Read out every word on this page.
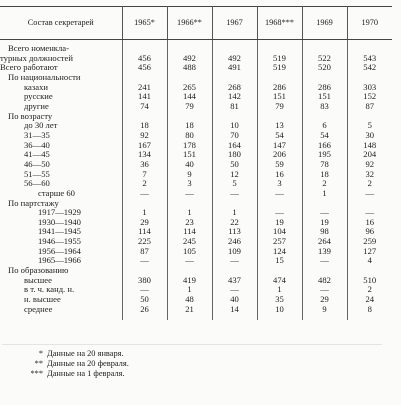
Состав секретарей	1965*	1966**	1967	1968***	1969	1970

Всего номенкла-						
турных должностей	456	492	492	519	522	543
Всего работают	456	488	491	519	520	542
По национальности						
казахи	241	265	268	286	286	303
русские	141	144	142	151	151	152
другие	74	79	81	79	83	87
По возрасту						
до 30 лет	18	18	10	13	6	5
31—35	92	80	70	54	54	30
36—40	167	178	164	147	166	148
41—45	134	151	180	206	195	204
46—50	36	40	50	59	78	92
51—55	7	9	12	16	18	32
56—60	2	3	5	3	2	2
старше 60	—	—	—	—	1	—
По партстажу						
1917—1929	1	1	1	—	—	—
1930—1940	29	23	22	19	19	16
1941—1945	114	114	113	104	98	96
1946—1955	225	245	246	257	264	259
1956—1964	87	105	109	124	139	127
1965—1966	—	—	—	15	—	4
По образованию						
высшее	380	419	437	474	482	510
в т. ч. канд. н.	—	1	—	1	—	2
н. высшее	50	48	40	35	29	24
среднее	26	21	14	10	9	8
* Данные на 20 января.
** Данные на 20 февраля.
*** Данные на 1 февраля.
